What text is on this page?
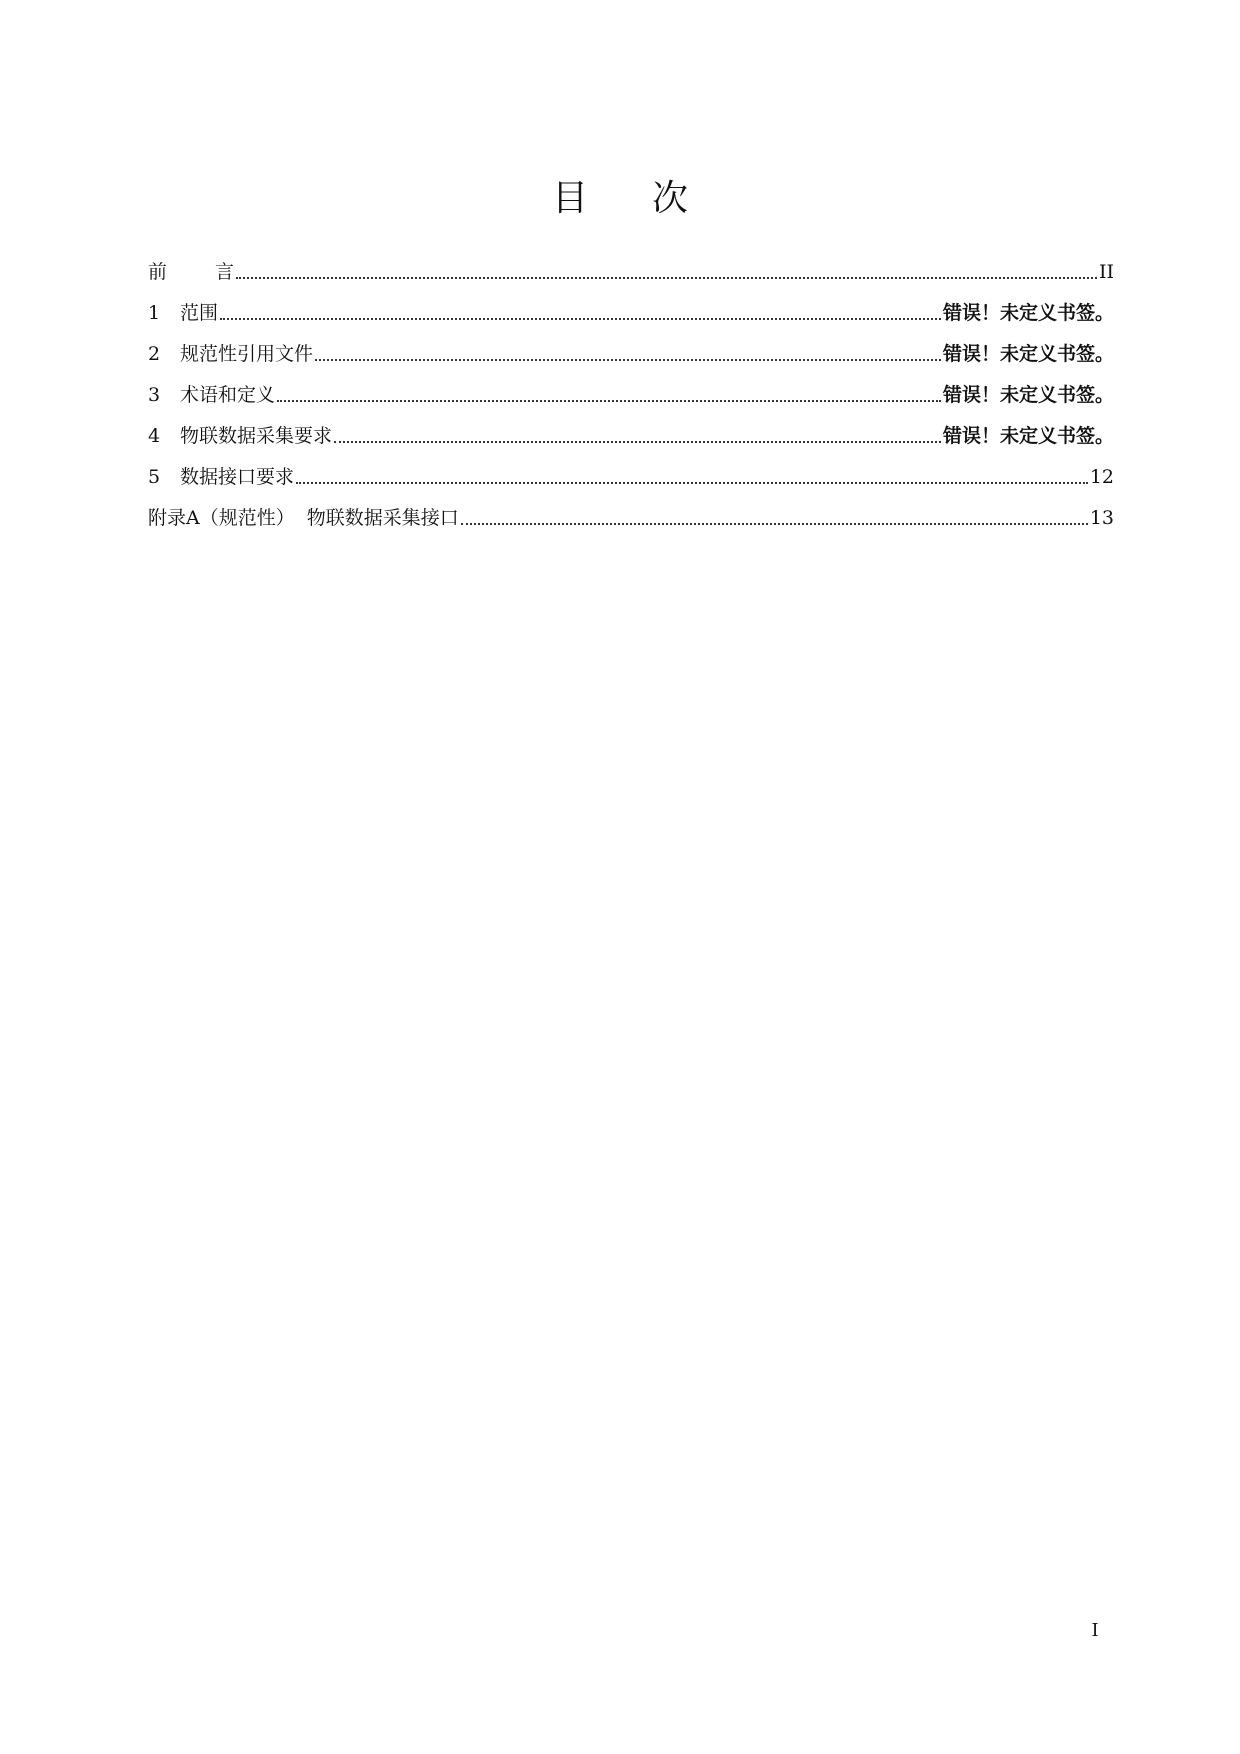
目 次
前	言	II
1	范围	错误！未定义书签。
2	规范性引用文件	错误！未定义书签。
3	术语和定义	错误！未定义书签。
4	物联数据采集要求	错误！未定义书签。
5	数据接口要求	12
附录A（规范性）  物联数据采集接口	13
I
